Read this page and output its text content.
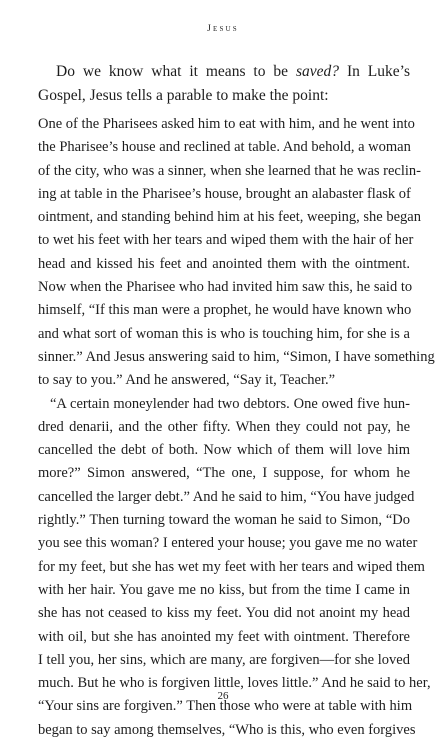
Jesus
Do we know what it means to be saved? In Luke’s Gospel, Jesus tells a parable to make the point:
One of the Pharisees asked him to eat with him, and he went into
the Pharisee’s house and reclined at table. And behold, a woman
of the city, who was a sinner, when she learned that he was reclin-
ing at table in the Pharisee’s house, brought an alabaster flask of
ointment, and standing behind him at his feet, weeping, she began
to wet his feet with her tears and wiped them with the hair of her
head and kissed his feet and anointed them with the ointment.
Now when the Pharisee who had invited him saw this, he said to
himself, “If this man were a prophet, he would have known who
and what sort of woman this is who is touching him, for she is a
sinner.” And Jesus answering said to him, “Simon, I have something
to say to you.” And he answered, “Say it, Teacher.”
“A certain moneylender had two debtors. One owed five hun-
dred denarii, and the other fifty. When they could not pay, he
cancelled the debt of both. Now which of them will love him
more?” Simon answered, “The one, I suppose, for whom he
cancelled the larger debt.” And he said to him, “You have judged
rightly.” Then turning toward the woman he said to Simon, “Do
you see this woman? I entered your house; you gave me no water
for my feet, but she has wet my feet with her tears and wiped them
with her hair. You gave me no kiss, but from the time I came in
she has not ceased to kiss my feet. You did not anoint my head
with oil, but she has anointed my feet with ointment. Therefore
I tell you, her sins, which are many, are forgiven—for she loved
much. But he who is forgiven little, loves little.” And he said to her,
“Your sins are forgiven.” Then those who were at table with him
began to say among themselves, “Who is this, who even forgives
26
